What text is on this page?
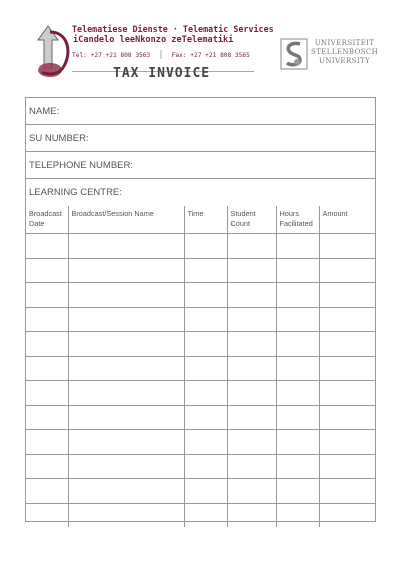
Telematiese Dienste · Telematic Services
iCandelo leeNkonzo zeTelematiki
Tel: +27 +21 808 3563 | Fax: +27 +21 808 3565
TAX INVOICE
UNIVERSITEIT
STELLENBOSCH
UNIVERSITY
NAME:
SU NUMBER:
TELEPHONE NUMBER:
LEARNING CENTRE:
Broadcast Date	Broadcast/Session Name	Time	Student Count	Hours Facilitated	Amount
